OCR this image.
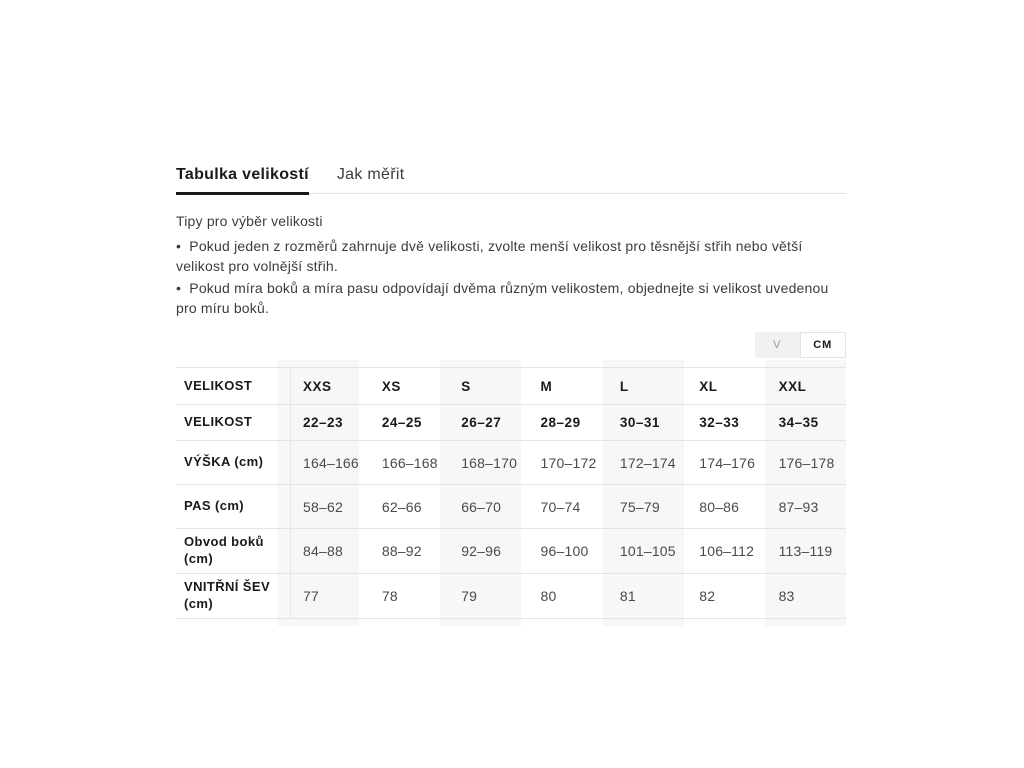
Tabulka velikostí Jak měřit
Tipy pro výběr velikosti
•  Pokud jeden z rozměrů zahrnuje dvě velikosti, zvolte menší velikost pro těsnější střih nebo větší velikost pro volnější střih.
•  Pokud míra boků a míra pasu odpovídají dvěma různým velikostem, objednejte si velikost uvedenou pro míru boků.
V	CM
VELIKOST	XXS	XS	S	M	L	XL	XXL
VELIKOST	22–23	24–25	26–27	28–29	30–31	32–33	34–35
VÝŠKA (cm)	164–166	166–168	168–170	170–172	172–174	174–176	176–178
PAS (cm)	58–62	62–66	66–70	70–74	75–79	80–86	87–93
Obvod boků (cm)	84–88	88–92	92–96	96–100	101–105	106–112	113–119
VNITŘNÍ ŠEV (cm)	77	78	79	80	81	82	83
